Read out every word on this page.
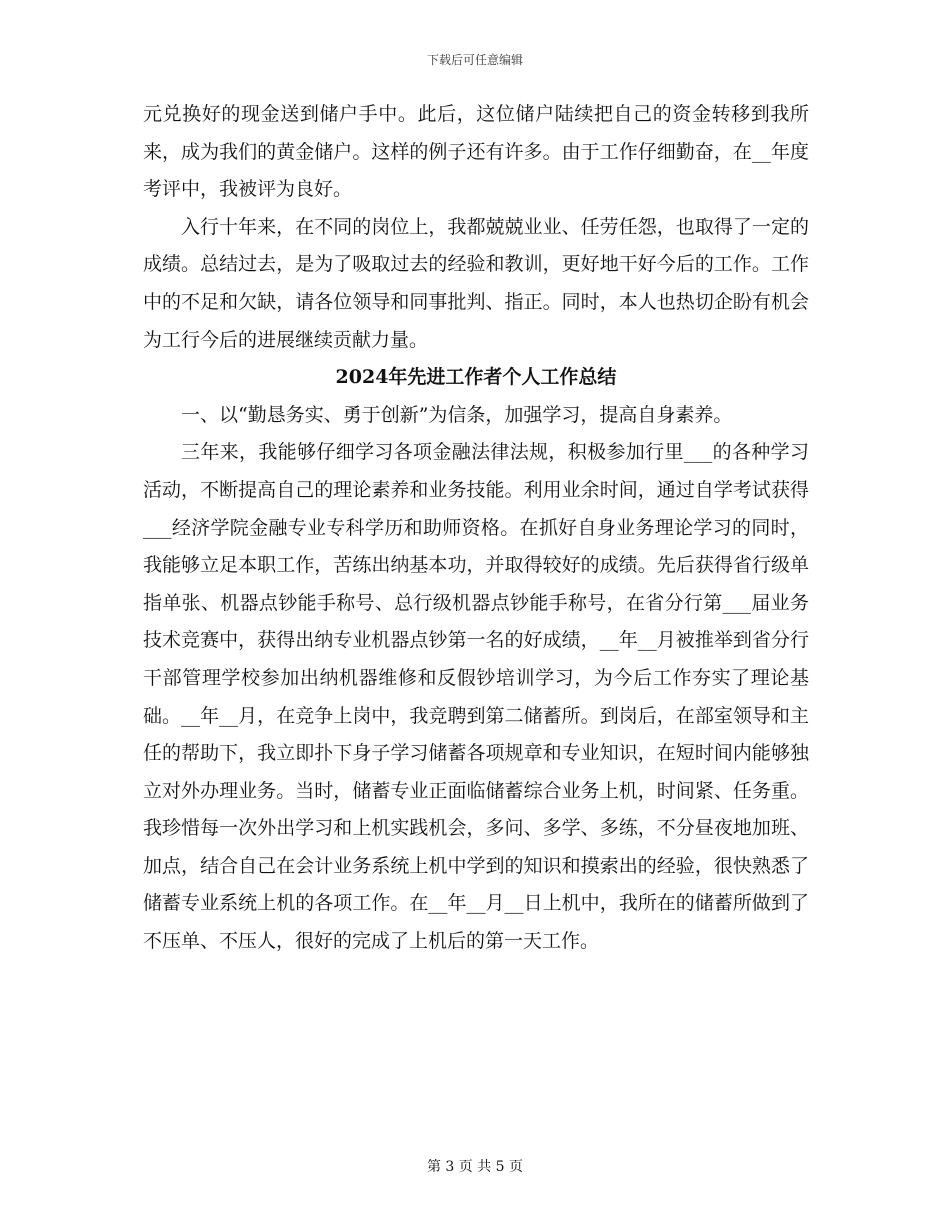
下载后可任意编辑

元兑换好的现金送到储户手中。此后，这位储户陆续把自己的资金转移到我所来，成为我们的黄金储户。这样的例子还有许多。由于工作仔细勤奋，在__年度考评中，我被评为良好。

入行十年来，在不同的岗位上，我都兢兢业业、任劳任怨，也取得了一定的成绩。总结过去，是为了吸取过去的经验和教训，更好地干好今后的工作。工作中的不足和欠缺，请各位领导和同事批判、指正。同时，本人也热切企盼有机会为工行今后的进展继续贡献力量。

2024年先进工作者个人工作总结

一、以“勤恳务实、勇于创新”为信条，加强学习，提高自身素养。

三年来，我能够仔细学习各项金融法律法规，积极参加行里___的各种学习活动，不断提高自己的理论素养和业务技能。利用业余时间，通过自学考试获得___经济学院金融专业专科学历和助师资格。在抓好自身业务理论学习的同时，我能够立足本职工作，苦练出纳基本功，并取得较好的成绩。先后获得省行级单指单张、机器点钞能手称号、总行级机器点钞能手称号，在省分行第___届业务技术竞赛中，获得出纳专业机器点钞第一名的好成绩，__年__月被推举到省分行干部管理学校参加出纳机器维修和反假钞培训学习，为今后工作夯实了理论基础。__年__月，在竞争上岗中，我竞聘到第二储蓄所。到岗后，在部室领导和主任的帮助下，我立即扑下身子学习储蓄各项规章和专业知识，在短时间内能够独立对外办理业务。当时，储蓄专业正面临储蓄综合业务上机，时间紧、任务重。我珍惜每一次外出学习和上机实践机会，多问、多学、多练，不分昼夜地加班、加点，结合自己在会计业务系统上机中学到的知识和摸索出的经验，很快熟悉了储蓄专业系统上机的各项工作。在__年__月__日上机中，我所在的储蓄所做到了不压单、不压人，很好的完成了上机后的第一天工作。

第 3 页 共 5 页
